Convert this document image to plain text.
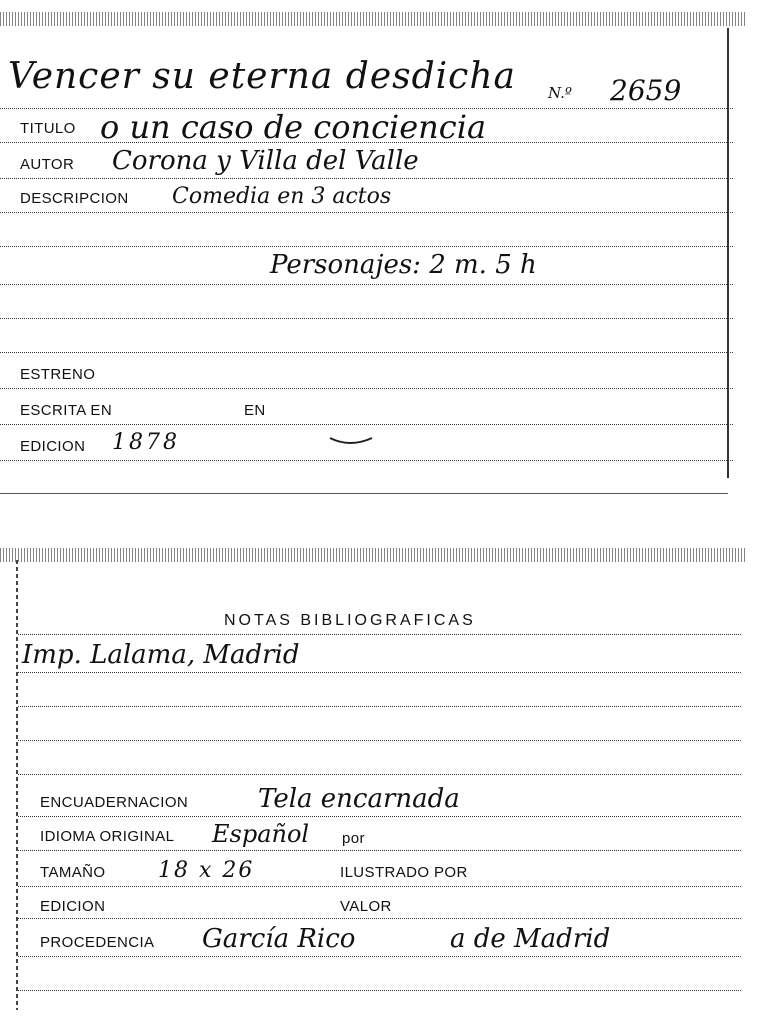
Vencer su eterna desdicha N.º 2659
TITULO o un caso de conciencia
AUTOR Corona y Villa del Valle
DESCRIPCION Comedia en 3 actos
Personajes: 2 m. 5 h
ESTRENO
ESCRITA EN	EN
EDICION 1878
NOTAS BIBLIOGRAFICAS
Imp. Lalama, Madrid
ENCUADERNACION	Tela encarnada
IDIOMA ORIGINAL Español por
TAMAÑO 18 x 26	ILUSTRADO POR
EDICION	VALOR
PROCEDENCIA García Rico	a de Madrid
